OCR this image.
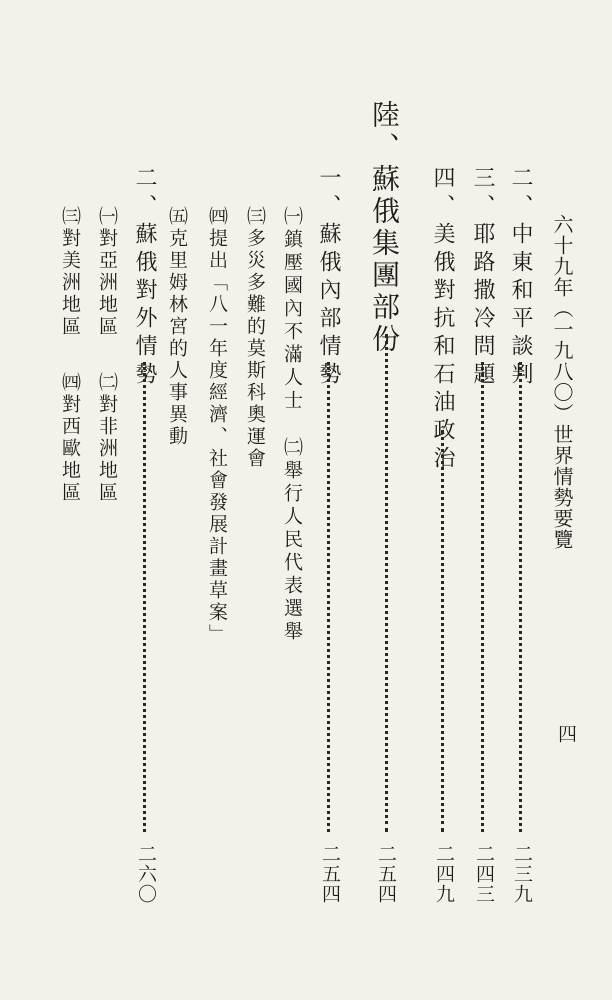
六十九年（一九八〇）世界情勢要覽
四
二、中東和平談判
二三九
三、耶路撒冷問題
二四三
四、美俄對抗和石油政治
二四九
陸、蘇俄集團部份
二五四
一、蘇俄內部情勢
二五四
㈠鎮壓國內不滿人士
㈡舉行人民代表選舉
㈢多災多難的莫斯科奧運會
㈣提出「八一年度經濟、社會發展計畫草案」
㈤克里姆林宮的人事異動
二、蘇俄對外情勢
二六〇
㈠對亞洲地區
㈡對非洲地區
㈢對美洲地區
㈣對西歐地區
